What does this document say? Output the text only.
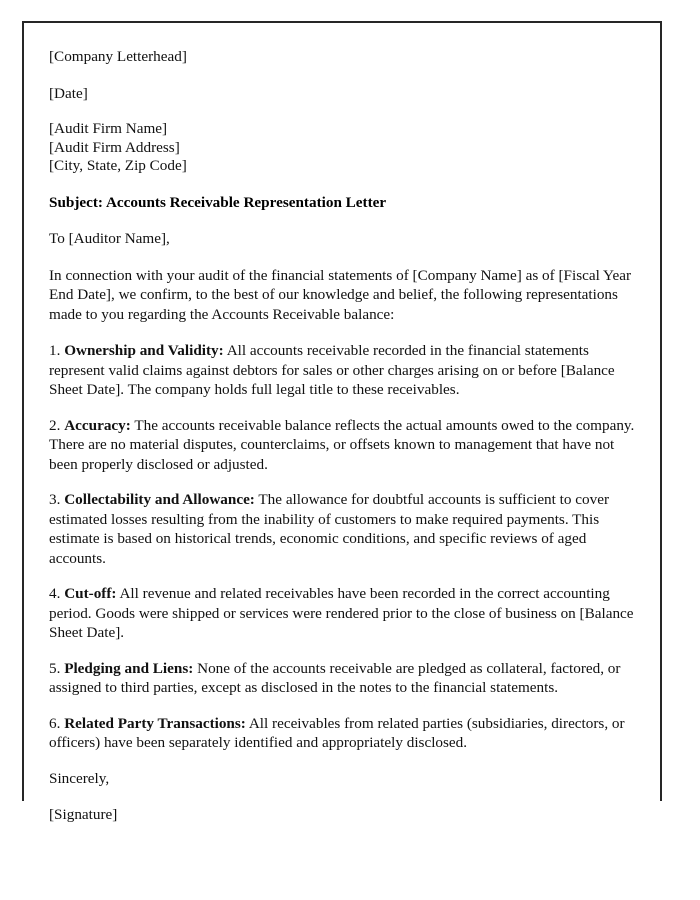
[Company Letterhead]

[Date]

[Audit Firm Name]
[Audit Firm Address]
[City, State, Zip Code]

Subject: Accounts Receivable Representation Letter

To [Auditor Name],

In connection with your audit of the financial statements of [Company Name] as of [Fiscal Year End Date], we confirm, to the best of our knowledge and belief, the following representations made to you regarding the Accounts Receivable balance:

1. Ownership and Validity: All accounts receivable recorded in the financial statements represent valid claims against debtors for sales or other charges arising on or before [Balance Sheet Date]. The company holds full legal title to these receivables.

2. Accuracy: The accounts receivable balance reflects the actual amounts owed to the company. There are no material disputes, counterclaims, or offsets known to management that have not been properly disclosed or adjusted.

3. Collectability and Allowance: The allowance for doubtful accounts is sufficient to cover estimated losses resulting from the inability of customers to make required payments. This estimate is based on historical trends, economic conditions, and specific reviews of aged accounts.

4. Cut-off: All revenue and related receivables have been recorded in the correct accounting period. Goods were shipped or services were rendered prior to the close of business on [Balance Sheet Date].

5. Pledging and Liens: None of the accounts receivable are pledged as collateral, factored, or assigned to third parties, except as disclosed in the notes to the financial statements.

6. Related Party Transactions: All receivables from related parties (subsidiaries, directors, or officers) have been separately identified and appropriately disclosed.

Sincerely,

[Signature]
